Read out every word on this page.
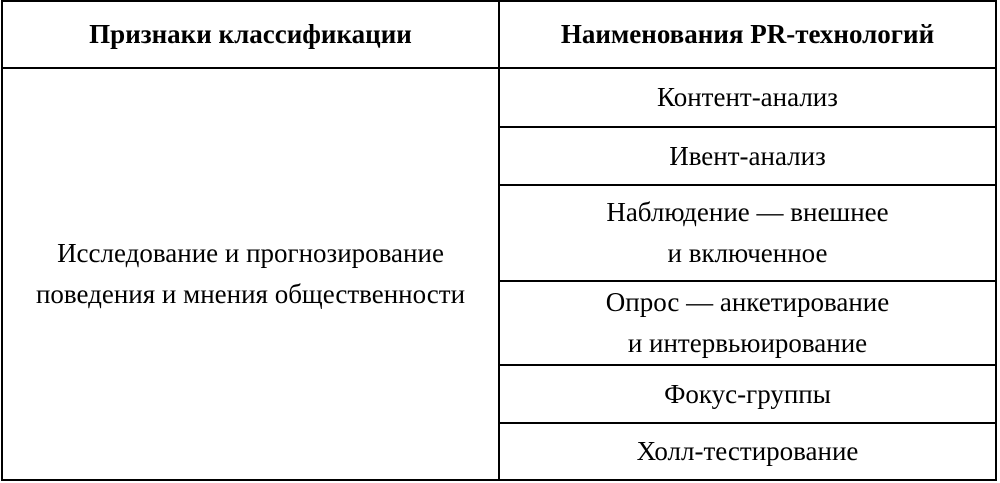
Признаки классификации	Наименования PR-технологий
Исследование и прогнозирование
поведения и мнения общественности
Контент-анализ
Ивент-анализ
Наблюдение — внешнее
и включенное
Опрос — анкетирование
и интервьюирование
Фокус-группы
Холл-тестирование
